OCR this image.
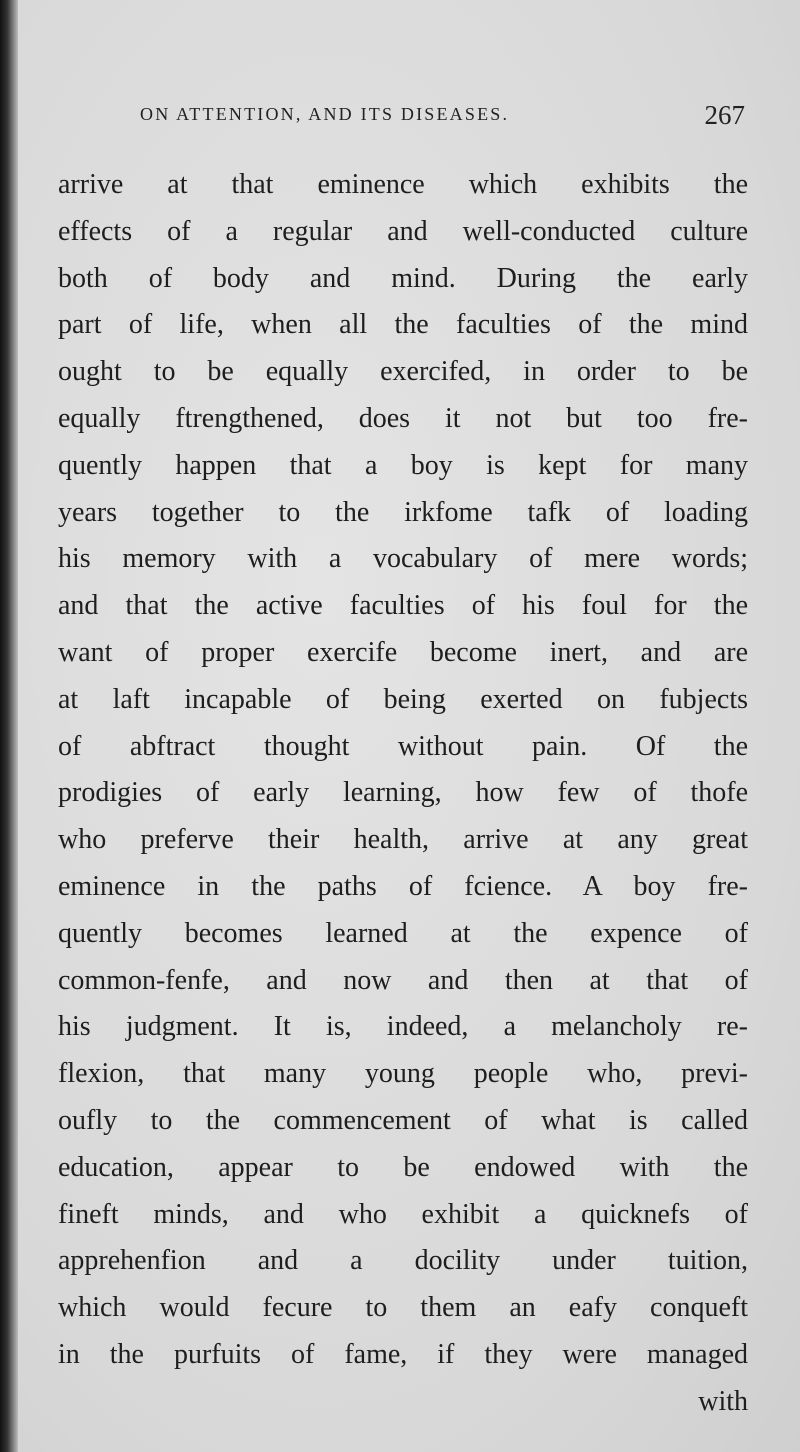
ON ATTENTION, AND ITS DISEASES.	267
arrive at that eminence which exhibits the
effects of a regular and well-conducted culture
both of body and mind. During the early
part of life, when all the faculties of the mind
ought to be equally exercifed, in order to be
equally ftrengthened, does it not but too fre-
quently happen that a boy is kept for many
years together to the irkfome tafk of loading
his memory with a vocabulary of mere words;
and that the active faculties of his foul for the
want of proper exercife become inert, and are
at laft incapable of being exerted on fubjects
of abftract thought without pain. Of the
prodigies of early learning, how few of thofe
who preferve their health, arrive at any great
eminence in the paths of fcience. A boy fre-
quently becomes learned at the expence of
common-fenfe, and now and then at that of
his judgment. It is, indeed, a melancholy re-
flexion, that many young people who, previ-
oufly to the commencement of what is called
education, appear to be endowed with the
fineft minds, and who exhibit a quicknefs of
apprehenfion and a docility under tuition,
which would fecure to them an eafy conqueft
in the purfuits of fame, if they were managed
with
